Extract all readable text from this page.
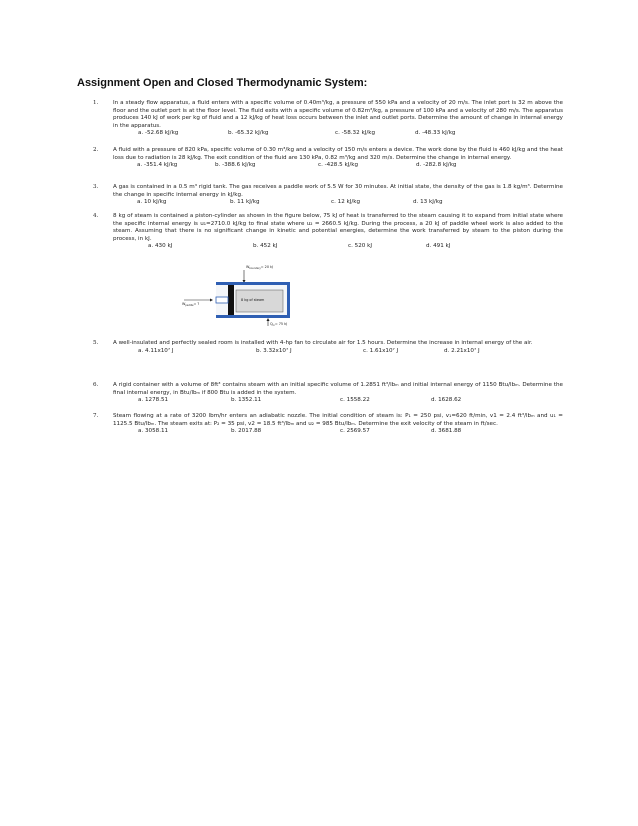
Assignment Open and Closed Thermodynamic System:
1.	In a steady flow apparatus, a fluid enters with a specific volume of 0.40m³/kg, a pressure of 550 kPa and a velocity of 20 m/s. The inlet port is 32 m above the floor and the outlet port is at the floor level. The fluid exits with a specific volume of 0.82m³/kg, a pressure of 100 kPa and a velocity of 280 m/s. The apparatus produces 140 kJ of work per kg of fluid and a 12 kJ/kg of heat loss occurs between the inlet and outlet ports. Determine the amount of change in internal energy in the apparatus.
a. -52.68 kJ/kg	b. -65.32 kJ/kg	c. -58.32 kJ/kg	d. -48.33 kJ/kg
2.	A fluid with a pressure of 820 kPa, specific volume of 0.30 m³/kg and a velocity of 150 m/s enters a device. The work done by the fluid is 460 kJ/kg and the heat loss due to radiation is 28 kJ/kg. The exit condition of the fluid are 130 kPa, 0.82 m³/kg and 320 m/s. Determine the change in internal energy.
a. -351.4 kJ/kg	b. -388.6 kJ/kg	c. -428.5 kJ/kg	d. -282.8 kJ/kg
3.	A gas is contained in a 0.5 m³ rigid tank. The gas receives a paddle work of 5.5 W for 30 minutes. At initial state, the density of the gas is 1.8 kg/m³. Determine the change in specific internal energy in kJ/kg.
a. 10 kJ/kg	b. 11 kJ/kg	c. 12 kJ/kg	d. 13 kJ/kg
4.	8 kg of steam is contained a piston-cylinder as shown in the figure below, 75 kJ of heat is transferred to the steam causing it to expand from initial state where the specific internal energy is u₁=2710.0 kJ/kg to final state where u₂ = 2660.5 kJ/kg. During the process, a 20 kJ of paddle wheel work is also added to the steam. Assuming that there is no significant change in kinetic and potential energies, determine the work transferred by steam to the piston during the process, in kJ.
a. 430 kJ	b. 452 kJ	c. 520 kJ	d. 491 kJ
$W_{boundary}= 20$ kJ
8 kg of steam
$W_{paddle}=$ ?
$Q_{in}= 75$ kJ
5.	A well-insulated and perfectly sealed room is installed with 4-hp fan to circulate air for 1.5 hours. Determine the increase in internal energy of the air.
a. 4.11x10⁷ J	b. 3.32x10⁷ J	c. 1.61x10⁷ J	d. 2.21x10⁷ J
6.	A rigid container with a volume of 8ft³ contains steam with an initial specific volume of 1.2851 ft³/lbₘ and initial internal energy of 1150 Btu/lbₘ. Determine the final internal energy, in Btu/lbₘ if 800 Btu is added in the system.
a. 1278.51	b. 1352.11	c. 1558.22	d. 1628.62
7.	Steam flowing at a rate of 3200 lbm/hr enters an adiabatic nozzle. The initial condition of steam is: P₁ = 250 psi, v₁=620 ft/min, v1 = 2.4 ft³/lbₘ and u₁ = 1125.5 Btu/lbₘ. The steam exits at: P₂ = 35 psi, v2 = 18.5 ft³/lbₘ and u₂ = 985 Btu/lbₘ. Determine the exit velocity of the steam in ft/sec.
a. 3058.11	b. 2017.88	c. 2569.57	d. 3681.88
